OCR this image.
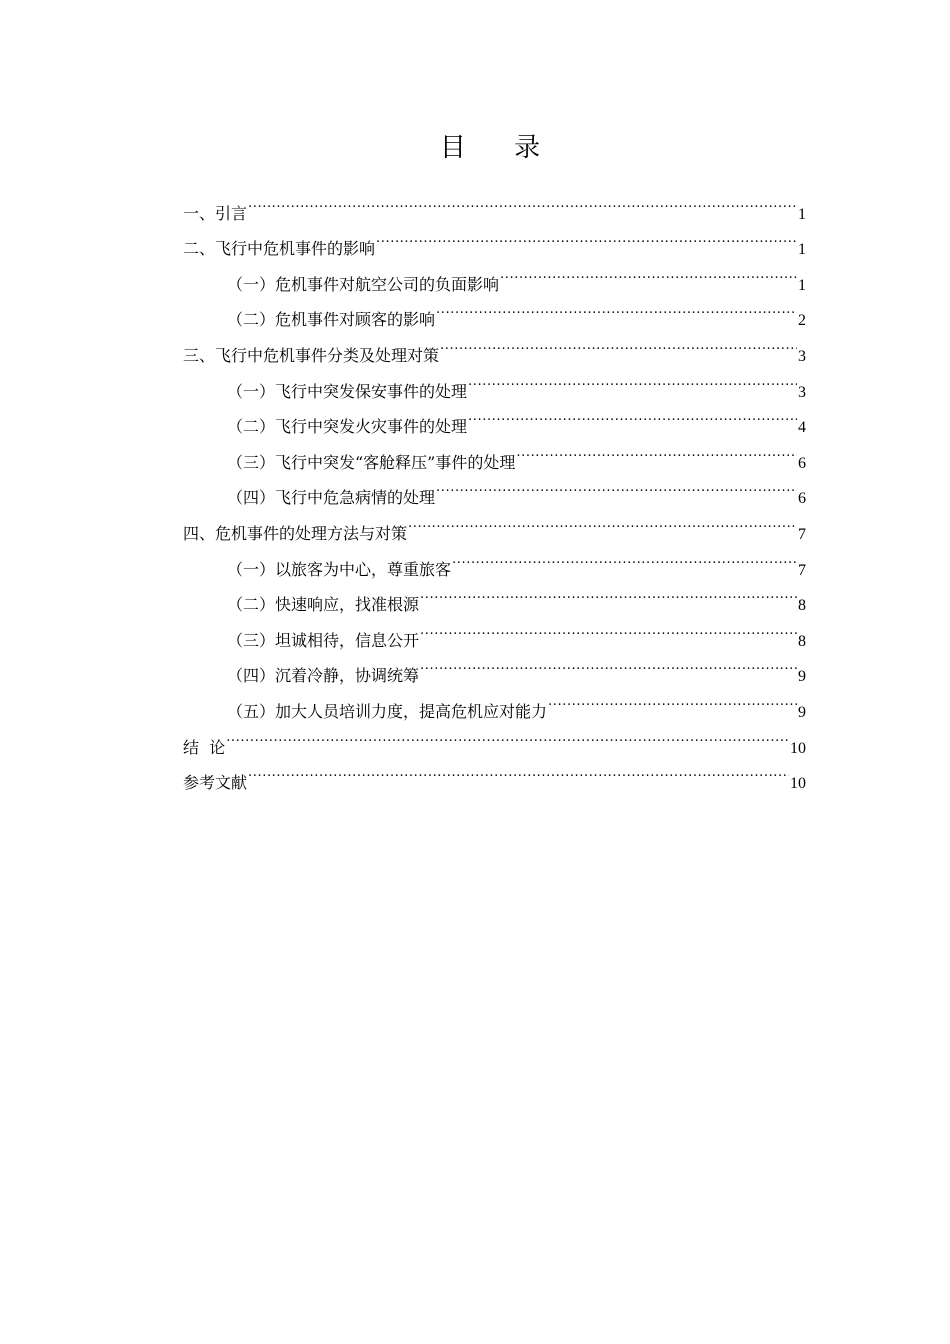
目 录
一、引言 .....	1
二、飞行中危机事件的影响 .....	1
（一）危机事件对航空公司的负面影响 .....	1
（二）危机事件对顾客的影响 .....	2
三、飞行中危机事件分类及处理对策 .....	3
（一）飞行中突发保安事件的处理 .....	3
（二）飞行中突发火灾事件的处理 .....	4
（三）飞行中突发“客舱释压”事件的处理 .....	6
（四）飞行中危急病情的处理 .....	6
四、危机事件的处理方法与对策 .....	7
（一）以旅客为中心，尊重旅客 .....	7
（二）快速响应，找准根源 .....	8
（三）坦诚相待，信息公开 .....	8
（四）沉着冷静，协调统筹 .....	9
（五）加大人员培训力度，提高危机应对能力 .....	9
结  论 .....	10
参考文献 .....	10
